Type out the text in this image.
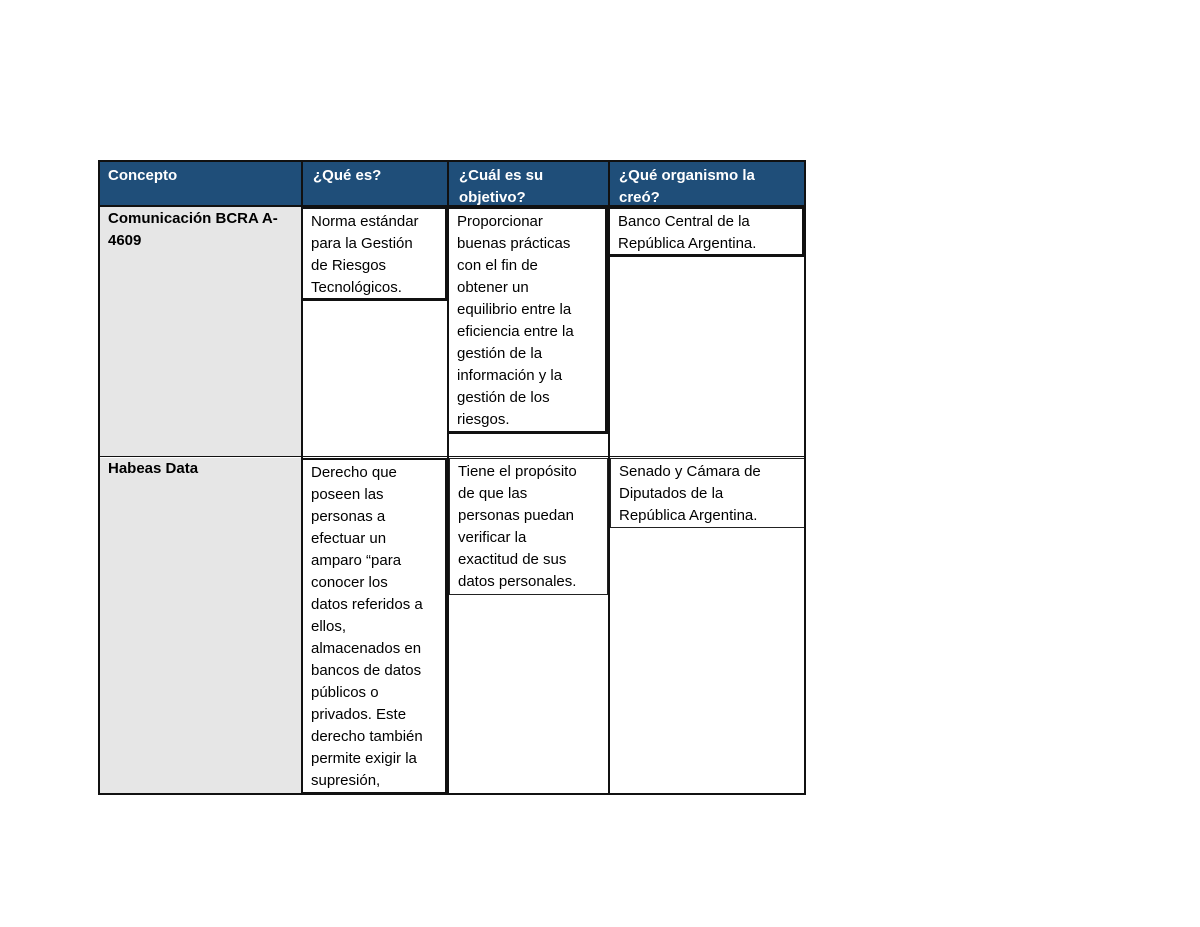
Concepto	¿Qué es?	¿Cuál es su objetivo?
¿Qué organismo la creó?
Comunicación BCRA A-4609
Habeas Data
Norma estándar
para la Gestión
de Riesgos
Tecnológicos.
Proporcionar
buenas prácticas
con el fin de
obtener un
equilibrio entre la
eficiencia entre la
gestión de la
información y la
gestión de los
riesgos.
Banco Central de la
República Argentina.
Derecho que
poseen las
personas a
efectuar un
amparo “para
conocer los
datos referidos a
ellos,
almacenados en
bancos de datos
públicos o
privados. Este
derecho también
permite exigir la
supresión,
Tiene el propósito
de que las
personas puedan
verificar la
exactitud de sus
datos personales.
Senado y Cámara de
Diputados de la
República Argentina.
